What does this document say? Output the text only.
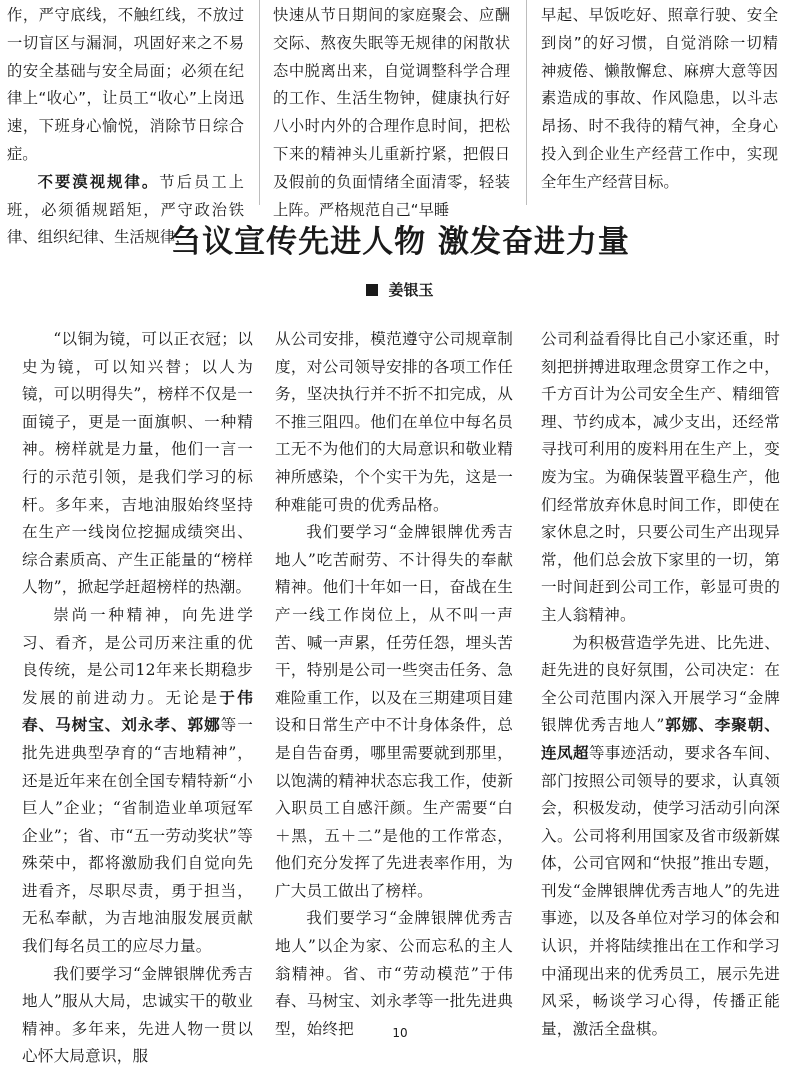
作，严守底线，不触红线，不放过一切盲区与漏洞，巩固好来之不易的安全基础与安全局面；必须在纪律上“收心”，让员工“收心”上岗迅速，下班身心愉悦，消除节日综合症。

不要漠视规律。节后员工上班，必须循规蹈矩，严守政治铁律、组织纪律、生活规律，

快速从节日期间的家庭聚会、应酬交际、熬夜失眠等无规律的闲散状态中脱离出来，自觉调整科学合理的工作、生活生物钟，健康执行好八小时内外的合理作息时间，把松下来的精神头儿重新拧紧，把假日及假前的负面情绪全面清零，轻装上阵。严格规范自己“早睡

早起、早饭吃好、照章行驶、安全到岗”的好习惯，自觉消除一切精神疲倦、懒散懈怠、麻痹大意等因素造成的事故、作风隐患，以斗志昂扬、时不我待的精气神，全身心投入到企业生产经营工作中，实现全年生产经营目标。

刍议宣传先进人物 激发奋进力量
姜银玉

“以铜为镜，可以正衣冠；以史为镜，可以知兴替；以人为镜，可以明得失”，榜样不仅是一面镜子，更是一面旗帜、一种精神。榜样就是力量，他们一言一行的示范引领，是我们学习的标杆。多年来，吉地油服始终坚持在生产一线岗位挖掘成绩突出、综合素质高、产生正能量的“榜样人物”，掀起学赶超榜样的热潮。

崇尚一种精神，向先进学习、看齐，是公司历来注重的优良传统，是公司12年来长期稳步发展的前进动力。无论是于伟春、马树宝、刘永孝、郭娜等一批先进典型孕育的“吉地精神”，还是近年来在创全国专精特新“小巨人”企业；“省制造业单项冠军企业”；省、市“五一劳动奖状”等殊荣中，都将激励我们自觉向先进看齐，尽职尽责，勇于担当，无私奉献，为吉地油服发展贡献我们每名员工的应尽力量。

我们要学习“金牌银牌优秀吉地人”服从大局，忠诚实干的敬业精神。多年来，先进人物一贯以心怀大局意识，服

从公司安排，模范遵守公司规章制度，对公司领导安排的各项工作任务，坚决执行并不折不扣完成，从不推三阻四。他们在单位中每名员工无不为他们的大局意识和敬业精神所感染，个个实干为先，这是一种难能可贵的优秀品格。

我们要学习“金牌银牌优秀吉地人”吃苦耐劳、不计得失的奉献精神。他们十年如一日，奋战在生产一线工作岗位上，从不叫一声苦、喊一声累，任劳任怨，埋头苦干，特别是公司一些突击任务、急难险重工作，以及在三期建项目建设和日常生产中不计身体条件，总是自告奋勇，哪里需要就到那里，以饱满的精神状态忘我工作，使新入职员工自感汗颜。生产需要“白＋黑，五＋二”是他的工作常态，他们充分发挥了先进表率作用，为广大员工做出了榜样。

我们要学习“金牌银牌优秀吉地人”以企为家、公而忘私的主人翁精神。省、市“劳动模范”于伟春、马树宝、刘永孝等一批先进典型，始终把

公司利益看得比自己小家还重，时刻把拼搏进取理念贯穿工作之中，千方百计为公司安全生产、精细管理、节约成本，减少支出，还经常寻找可利用的废料用在生产上，变废为宝。为确保装置平稳生产，他们经常放弃休息时间工作，即使在家休息之时，只要公司生产出现异常，他们总会放下家里的一切，第一时间赶到公司工作，彰显可贵的主人翁精神。

为积极营造学先进、比先进、赶先进的良好氛围，公司决定：在全公司范围内深入开展学习“金牌银牌优秀吉地人”郭娜、李聚朝、连凤超等事迹活动，要求各车间、部门按照公司领导的要求，认真领会，积极发动，使学习活动引向深入。公司将利用国家及省市级新媒体，公司官网和“快报”推出专题，刊发“金牌银牌优秀吉地人”的先进事迹，以及各单位对学习的体会和认识，并将陆续推出在工作和学习中涌现出来的优秀员工，展示先进风采，畅谈学习心得，传播正能量，激活全盘棋。

10
